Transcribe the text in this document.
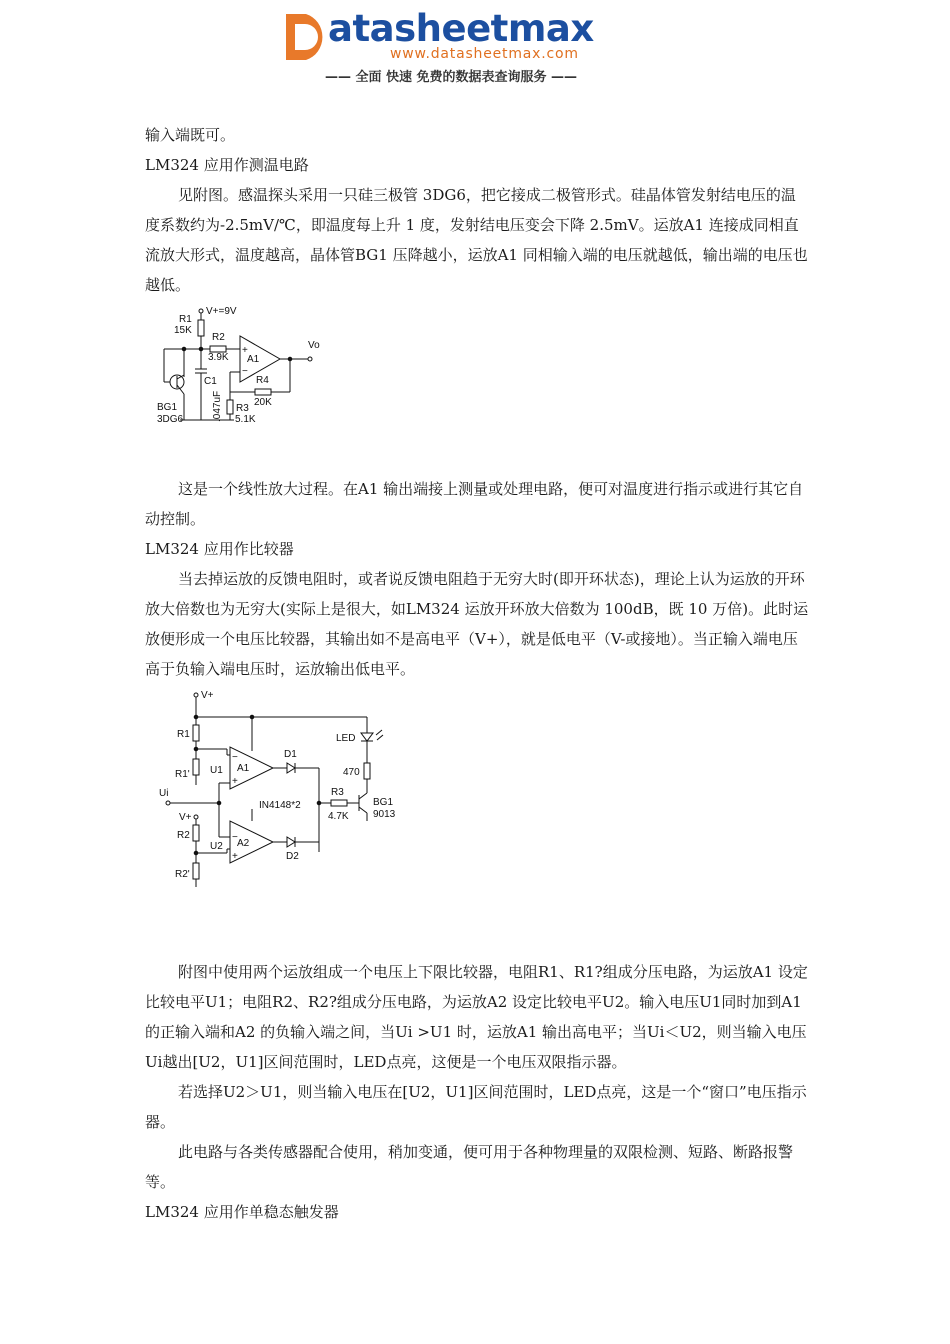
atasheetmax
www.datasheetmax.com
—— 全面 快速 免费的数据表查询服务 ——

输入端既可。

LM324 应用作测温电路

见附图。感温探头采用一只硅三极管 3DG6，把它接成二极管形式。硅晶体管发射结电压的温度系数约为-2.5mV/℃，即温度每上升 1 度，发射结电压变会下降 2.5mV。运放A1 连接成同相直流放大形式，温度越高，晶体管BG1 压降越小，运放A1 同相输入端的电压就越低，输出端的电压也越低。

V+=9V
R1
15K
BG1
3DG6
C1
.047uF
R2
3.9K A1
+
−
Vo
R4
20K
R3
5.1K

这是一个线性放大过程。在A1 输出端接上测量或处理电路，便可对温度进行指示或进行其它自动控制。

LM324 应用作比较器

当去掉运放的反馈电阻时，或者说反馈电阻趋于无穷大时(即开环状态)，理论上认为运放的开环放大倍数也为无穷大(实际上是很大，如LM324 运放开环放大倍数为 100dB，既 10 万倍)。此时运放便形成一个电压比较器，其输出如不是高电平（V+），就是低电平（V-或接地）。当正输入端电压高于负输入端电压时，运放输出低电平。

V+
R1
R1' U1 A1
−
+
D1
IN4148*2
Ui
V+
R2
U2
R2'
A2
−
+	D2
R3
4.7K
BG1
9013
LED
470

附图中使用两个运放组成一个电压上下限比较器，电阻R1、R1?组成分压电路，为运放A1 设定比较电平U1；电阻R2、R2?组成分压电路，为运放A2 设定比较电平U2。输入电压U1同时加到A1 的正输入端和A2 的负输入端之间，当Ui >U1 时，运放A1 输出高电平；当Ui＜U2，则当输入电压Ui越出[U2，U1]区间范围时，LED点亮，这便是一个电压双限指示器。

若选择U2＞U1，则当输入电压在[U2，U1]区间范围时，LED点亮，这是一个“窗口”电压指示器。

此电路与各类传感器配合使用，稍加变通，便可用于各种物理量的双限检测、短路、断路报警等。

LM324 应用作单稳态触发器
